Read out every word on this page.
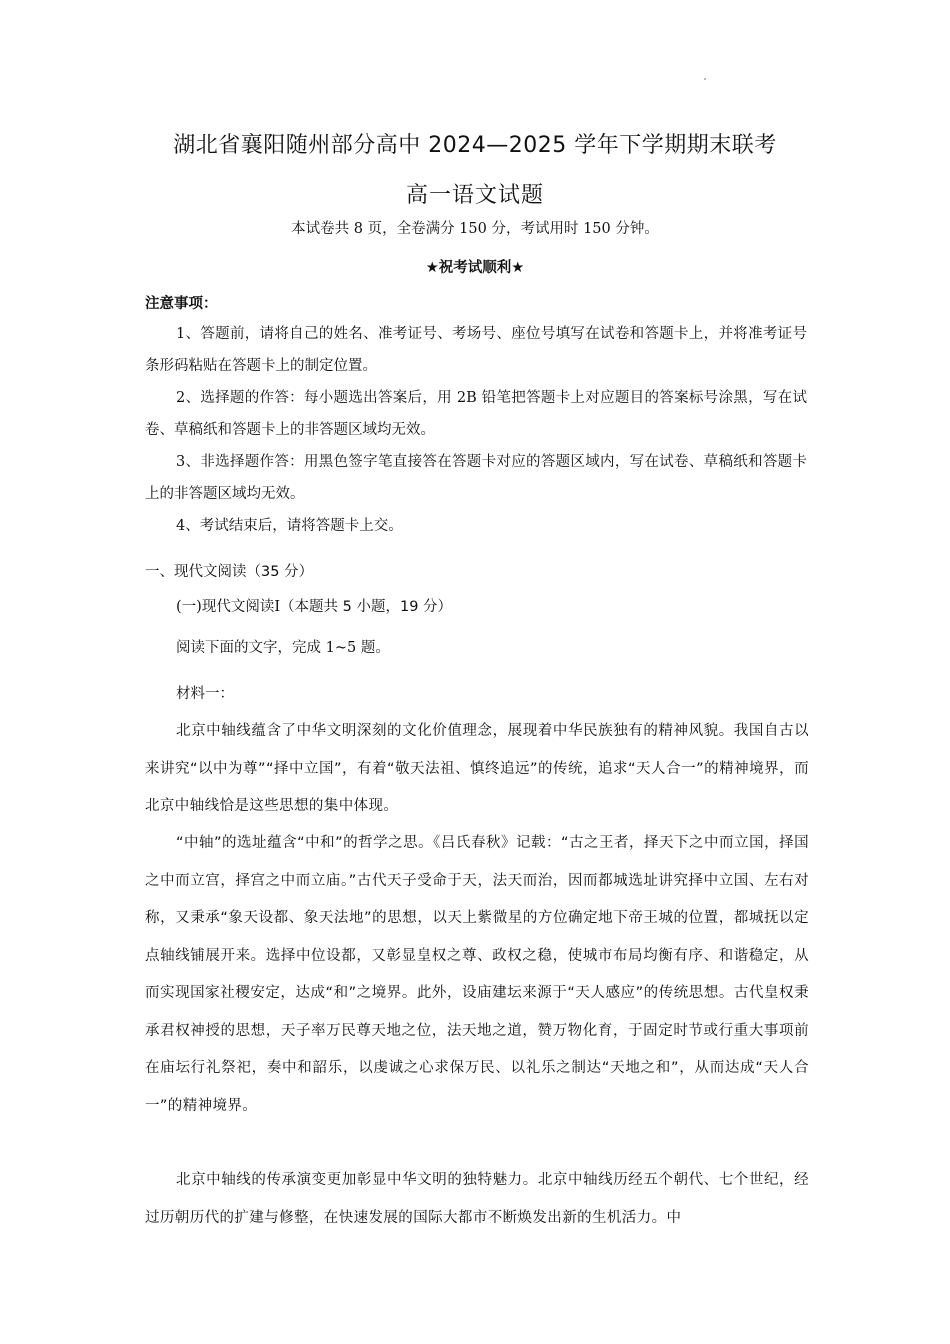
湖北省襄阳随州部分高中 2024—2025 学年下学期期末联考
高一语文试题
本试卷共 8 页，全卷满分 150 分，考试用时 150 分钟。
★祝考试顺利★
注意事项：

1、答题前，请将自己的姓名、准考证号、考场号、座位号填写在试卷和答题卡上，并将准考证号条形码粘贴在答题卡上的制定位置。

2、选择题的作答：每小题选出答案后，用 2B 铅笔把答题卡上对应题目的答案标号涂黑，写在试卷、草稿纸和答题卡上的非答题区域均无效。

3、非选择题作答：用黑色签字笔直接答在答题卡对应的答题区域内，写在试卷、草稿纸和答题卡上的非答题区域均无效。

4、考试结束后，请将答题卡上交。

一、现代文阅读（35 分）
(一)现代文阅读Ⅰ（本题共 5 小题，19 分）
阅读下面的文字，完成 1~5 题。
材料一：

北京中轴线蕴含了中华文明深刻的文化价值理念，展现着中华民族独有的精神风貌。我国自古以来讲究“以中为尊”“择中立国”，有着“敬天法祖、慎终追远”的传统，追求“天人合一”的精神境界，而北京中轴线恰是这些思想的集中体现。

“中轴”的选址蕴含“中和”的哲学之思。《吕氏春秋》记载：“古之王者，择天下之中而立国，择国之中而立宫，择宫之中而立庙。”古代天子受命于天，法天而治，因而都城选址讲究择中立国、左右对称，又秉承“象天设都、象天法地”的思想，以天上紫微星的方位确定地下帝王城的位置，都城抚以定点轴线铺展开来。选择中位设都，又彰显皇权之尊、政权之稳，使城市布局均衡有序、和谐稳定，从而实现国家社稷安定，达成“和”之境界。此外，设庙建坛来源于“天人感应”的传统思想。古代皇权秉承君权神授的思想，天子率万民尊天地之位，法天地之道，赞万物化育，于固定时节或行重大事项前在庙坛行礼祭祀，奏中和韶乐，以虔诚之心求保万民、以礼乐之制达“天地之和”，从而达成“天人合一”的精神境界。

北京中轴线的传承演变更加彰显中华文明的独特魅力。北京中轴线历经五个朝代、七个世纪，经过历朝历代的扩建与修整，在快速发展的国际大都市不断焕发出新的生机活力。中
